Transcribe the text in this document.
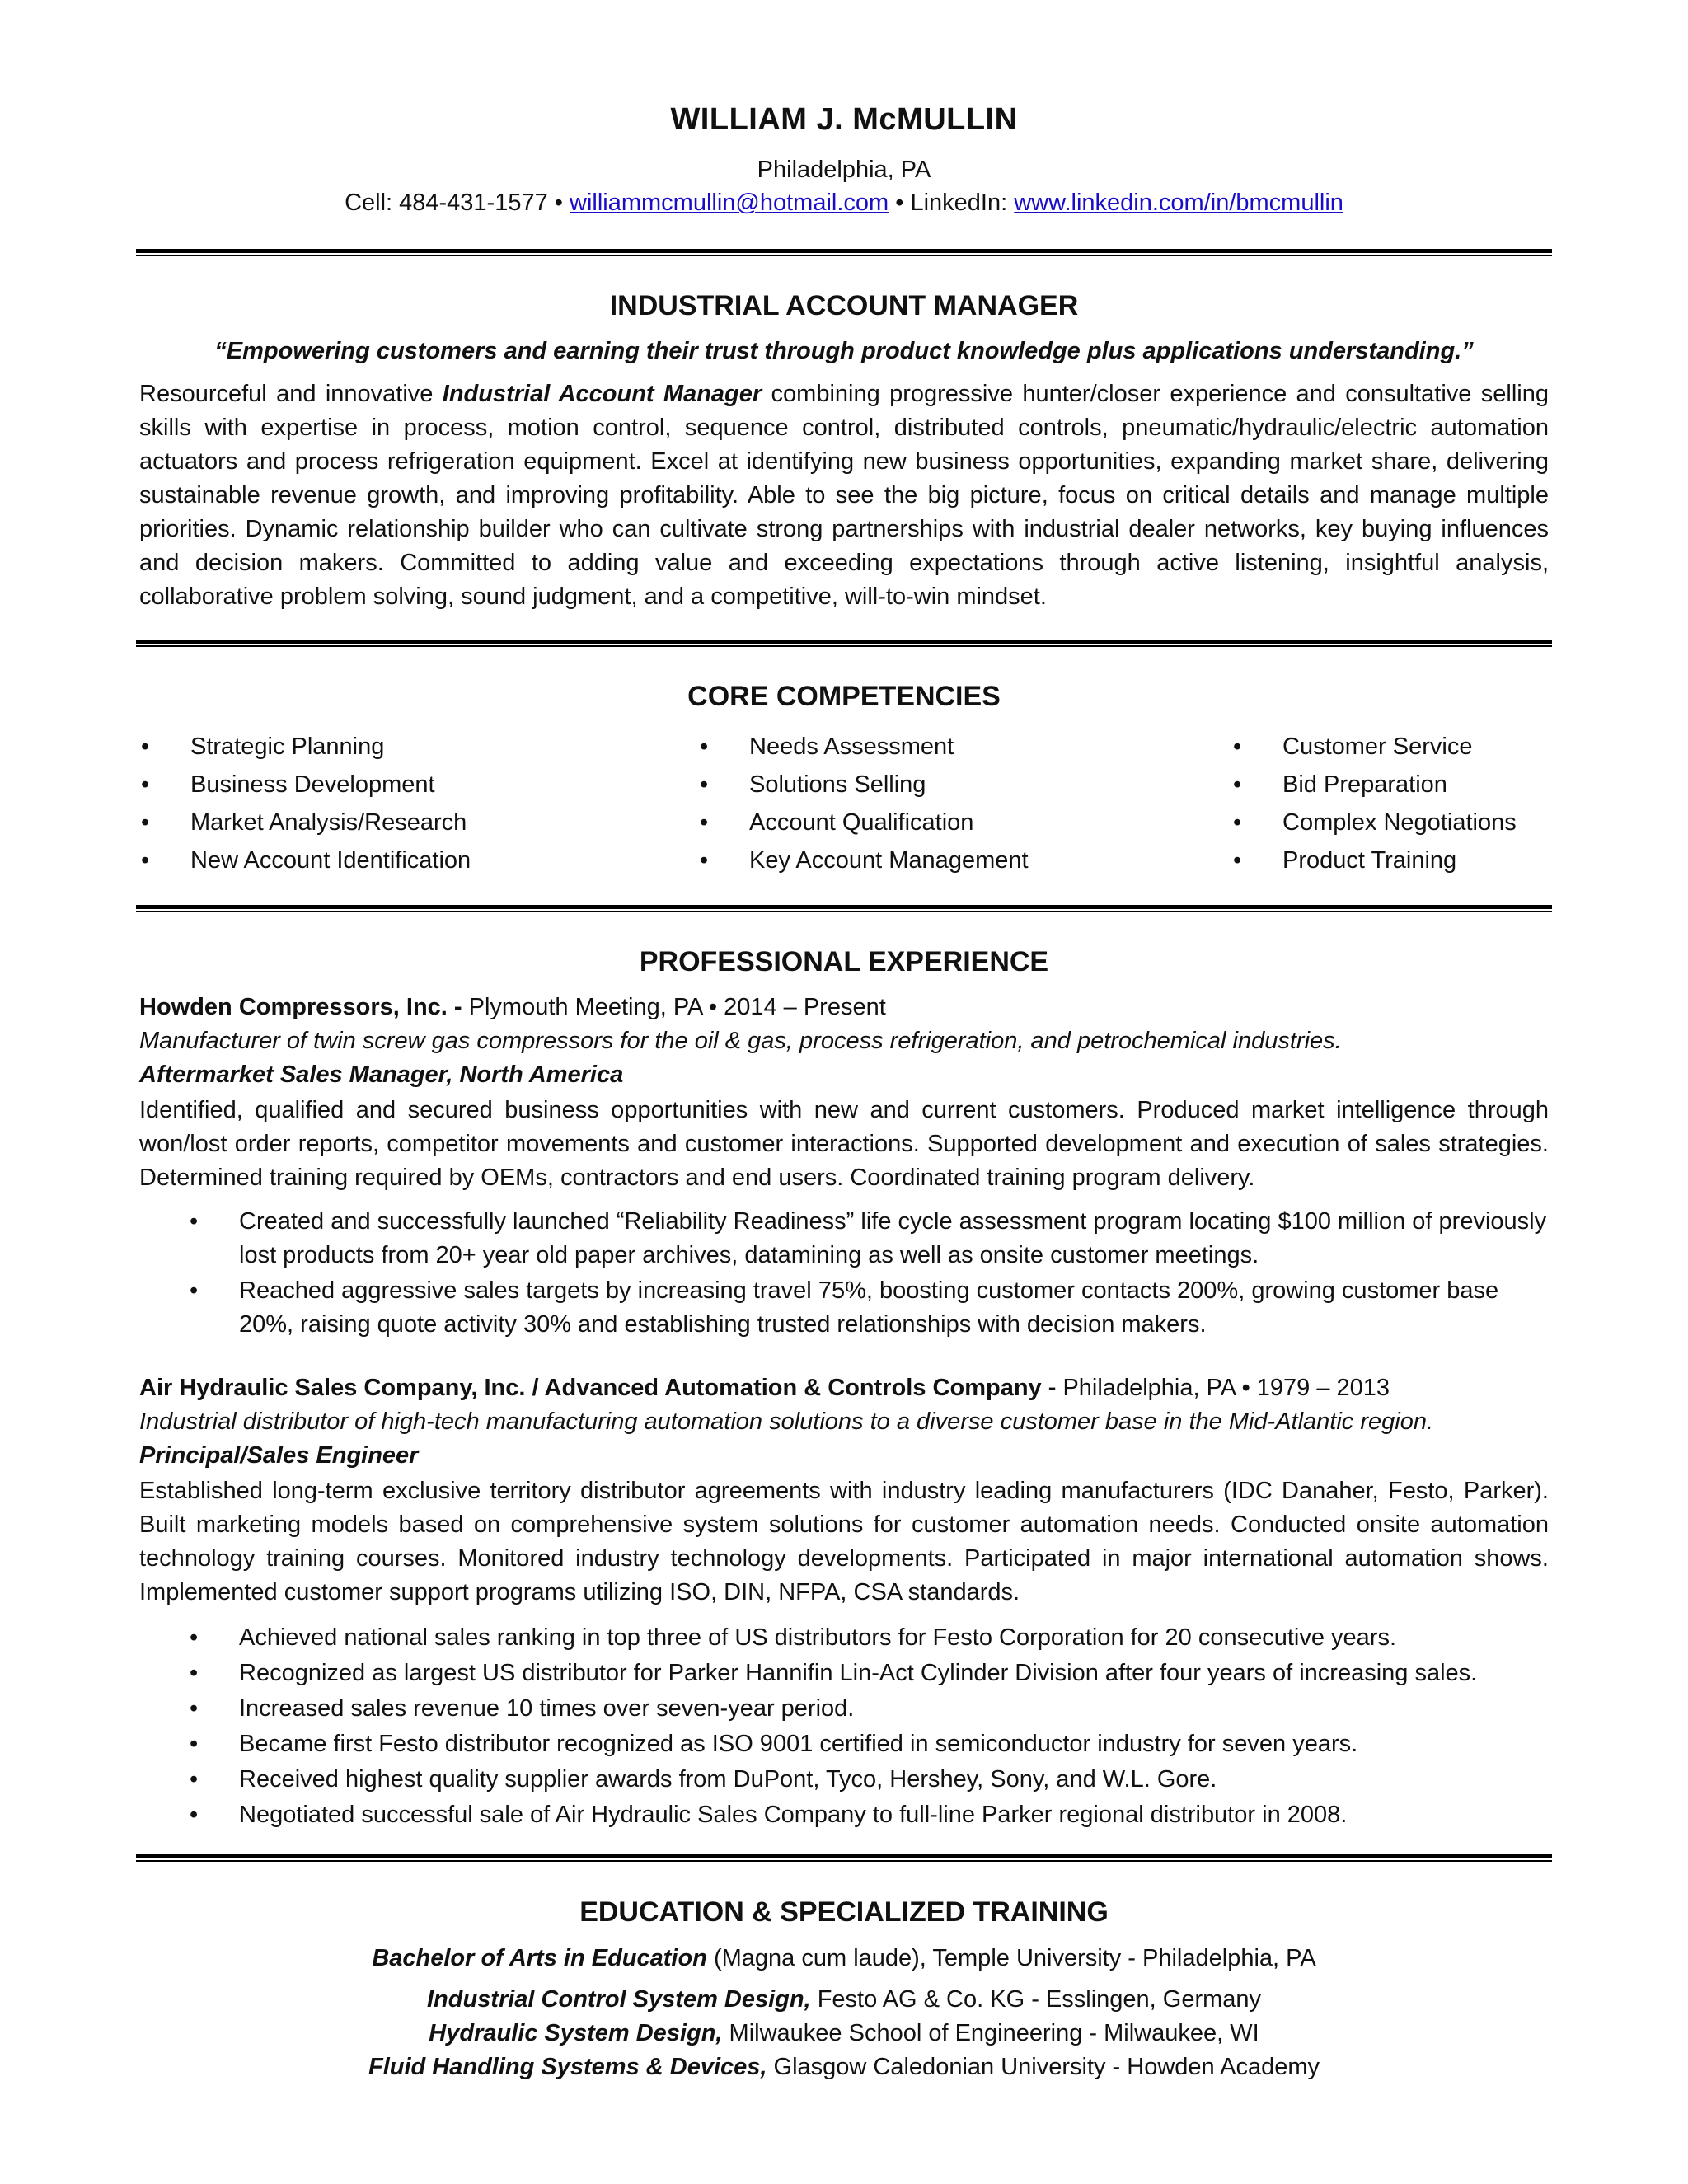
WILLIAM J. McMULLIN
Philadelphia, PA
Cell: 484-431-1577 • williammcmullin@hotmail.com • LinkedIn: www.linkedin.com/in/bmcmullin
INDUSTRIAL ACCOUNT MANAGER
“Empowering customers and earning their trust through product knowledge plus applications understanding.”
Resourceful and innovative Industrial Account Manager combining progressive hunter/closer experience and consultative selling skills with expertise in process, motion control, sequence control, distributed controls, pneumatic/hydraulic/electric automation actuators and process refrigeration equipment. Excel at identifying new business opportunities, expanding market share, delivering sustainable revenue growth, and improving profitability. Able to see the big picture, focus on critical details and manage multiple priorities. Dynamic relationship builder who can cultivate strong partnerships with industrial dealer networks, key buying influences and decision makers. Committed to adding value and exceeding expectations through active listening, insightful analysis, collaborative problem solving, sound judgment, and a competitive, will-to-win mindset.
CORE COMPETENCIES
• Strategic Planning
• Business Development
• Market Analysis/Research
• New Account Identification
• Needs Assessment
• Solutions Selling
• Account Qualification
• Key Account Management
• Customer Service
• Bid Preparation
• Complex Negotiations
• Product Training
PROFESSIONAL EXPERIENCE
Howden Compressors, Inc. - Plymouth Meeting, PA • 2014 – Present
Manufacturer of twin screw gas compressors for the oil & gas, process refrigeration, and petrochemical industries.
Aftermarket Sales Manager, North America
Identified, qualified and secured business opportunities with new and current customers. Produced market intelligence through won/lost order reports, competitor movements and customer interactions. Supported development and execution of sales strategies. Determined training required by OEMs, contractors and end users. Coordinated training program delivery.
• Created and successfully launched “Reliability Readiness” life cycle assessment program locating $100 million of previously lost products from 20+ year old paper archives, datamining as well as onsite customer meetings.
• Reached aggressive sales targets by increasing travel 75%, boosting customer contacts 200%, growing customer base 20%, raising quote activity 30% and establishing trusted relationships with decision makers.
Air Hydraulic Sales Company, Inc. / Advanced Automation & Controls Company - Philadelphia, PA • 1979 – 2013
Industrial distributor of high-tech manufacturing automation solutions to a diverse customer base in the Mid-Atlantic region.
Principal/Sales Engineer
Established long-term exclusive territory distributor agreements with industry leading manufacturers (IDC Danaher, Festo, Parker). Built marketing models based on comprehensive system solutions for customer automation needs. Conducted onsite automation technology training courses. Monitored industry technology developments. Participated in major international automation shows. Implemented customer support programs utilizing ISO, DIN, NFPA, CSA standards.
• Achieved national sales ranking in top three of US distributors for Festo Corporation for 20 consecutive years.
• Recognized as largest US distributor for Parker Hannifin Lin-Act Cylinder Division after four years of increasing sales.
• Increased sales revenue 10 times over seven-year period.
• Became first Festo distributor recognized as ISO 9001 certified in semiconductor industry for seven years.
• Received highest quality supplier awards from DuPont, Tyco, Hershey, Sony, and W.L. Gore.
• Negotiated successful sale of Air Hydraulic Sales Company to full-line Parker regional distributor in 2008.
EDUCATION & SPECIALIZED TRAINING
Bachelor of Arts in Education (Magna cum laude), Temple University - Philadelphia, PA
Industrial Control System Design, Festo AG & Co. KG - Esslingen, Germany
Hydraulic System Design, Milwaukee School of Engineering - Milwaukee, WI
Fluid Handling Systems & Devices, Glasgow Caledonian University - Howden Academy
